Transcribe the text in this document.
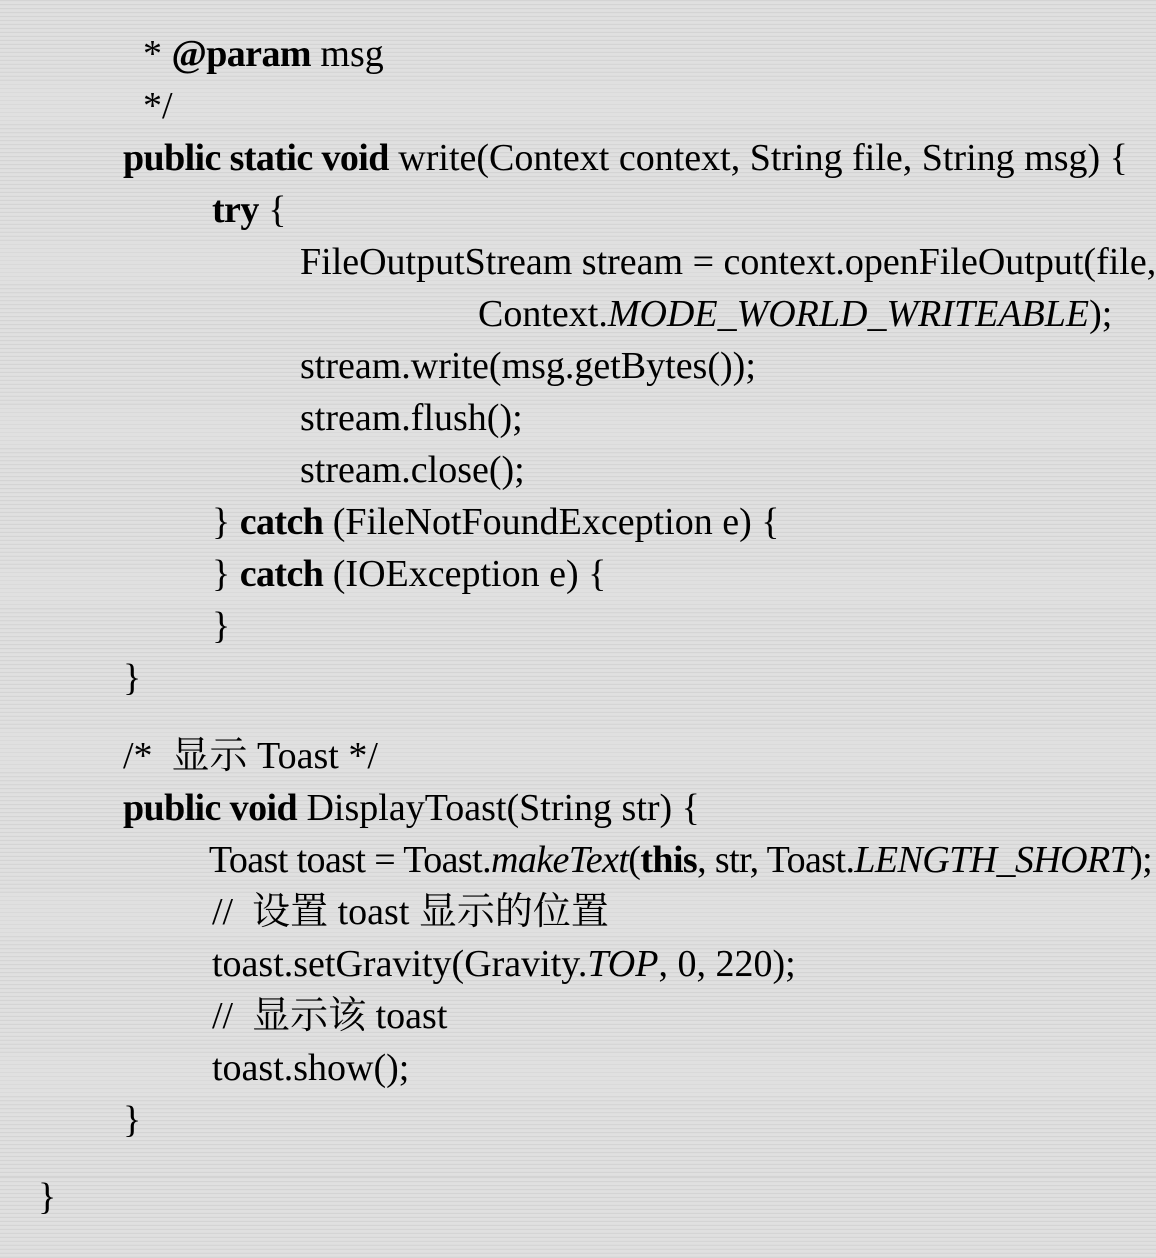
* @param msg

*/

public static void write(Context context, String file, String msg) {

try {

FileOutputStream stream = context.openFileOutput(file,

Context.MODE_WORLD_WRITEABLE);

stream.write(msg.getBytes());

stream.flush();

stream.close();

} catch (FileNotFoundException e) {

} catch (IOException e) {

}

}

/*  显示 Toast */

public void DisplayToast(String str) {

Toast toast = Toast.makeText(this, str, Toast.LENGTH_SHORT);

//  设置 toast 显示的位置

toast.setGravity(Gravity.TOP, 0, 220);

//  显示该 toast

toast.show();

}

}
